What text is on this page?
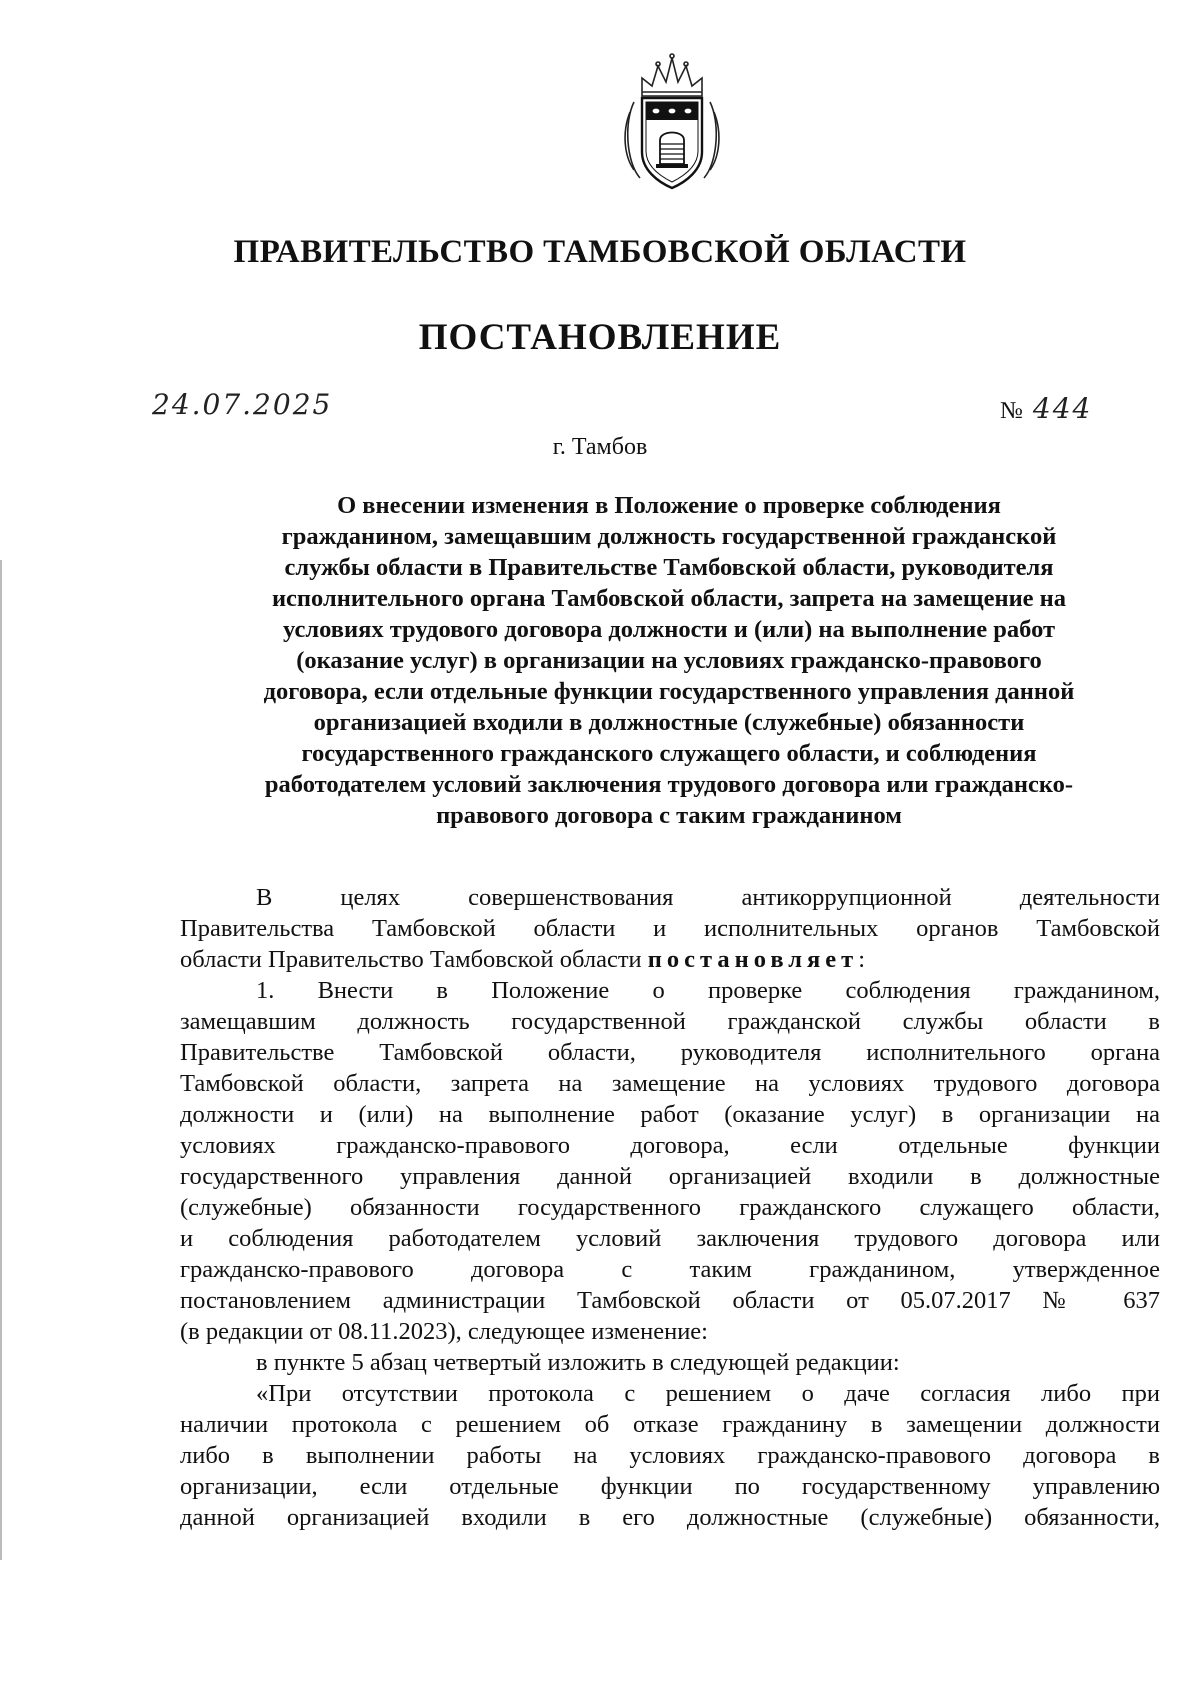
ПРАВИТЕЛЬСТВО ТАМБОВСКОЙ ОБЛАСТИ
ПОСТАНОВЛЕНИЕ
24.07.2025	№ 444
г. Тамбов
О внесении изменения в Положение о проверке соблюдения
гражданином, замещавшим должность государственной гражданской
службы области в Правительстве Тамбовской области, руководителя
исполнительного органа Тамбовской области, запрета на замещение на
условиях трудового договора должности и (или) на выполнение работ
(оказание услуг) в организации на условиях гражданско-правового
договора, если отдельные функции государственного управления данной
организацией входили в должностные (служебные) обязанности
государственного гражданского служащего области, и соблюдения
работодателем условий заключения трудового договора или гражданско-
правового договора с таким гражданином
В целях совершенствования антикоррупционной деятельности
Правительства Тамбовской области и исполнительных органов Тамбовской
области Правительство Тамбовской области постановляет:
1. Внести в Положение о проверке соблюдения гражданином,
замещавшим должность государственной гражданской службы области в
Правительстве Тамбовской области, руководителя исполнительного органа
Тамбовской области, запрета на замещение на условиях трудового договора
должности и (или) на выполнение работ (оказание услуг) в организации на
условиях гражданско-правового договора, если отдельные функции
государственного управления данной организацией входили в должностные
(служебные) обязанности государственного гражданского служащего области,
и соблюдения работодателем условий заключения трудового договора или
гражданско-правового договора с таким гражданином, утвержденное
постановлением администрации Тамбовской области от 05.07.2017 № 637
(в редакции от 08.11.2023), следующее изменение:
в пункте 5 абзац четвертый изложить в следующей редакции:
«При отсутствии протокола с решением о даче согласия либо при
наличии протокола с решением об отказе гражданину в замещении должности
либо в выполнении работы на условиях гражданско-правового договора в
организации, если отдельные функции по государственному управлению
данной организацией входили в его должностные (служебные) обязанности,
